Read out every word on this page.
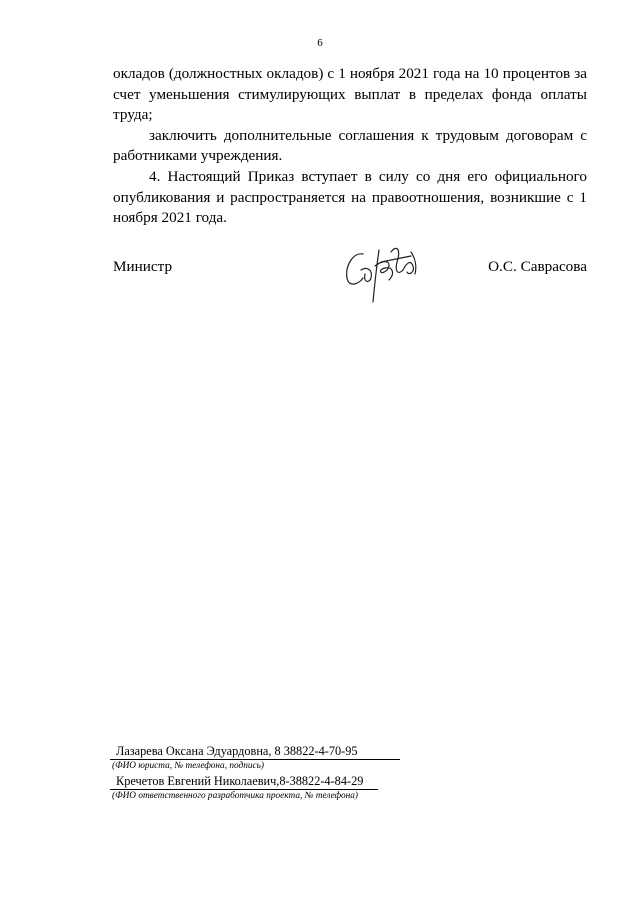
6

окладов (должностных окладов) с 1 ноября 2021 года на 10 процентов за счет уменьшения стимулирующих выплат в пределах фонда оплаты труда;

заключить дополнительные соглашения к трудовым договорам с работниками учреждения.

4. Настоящий Приказ вступает в силу со дня его официального опубликования и распространяется на правоотношения, возникшие с 1 ноября 2021 года.

Министр	О.С. Саврасова
Лазарева Оксана Эдуардовна, 8 38822-4-70-95
(ФИО юриста, № телефона, подпись)
Кречетов Евгений Николаевич,8-38822-4-84-29
(ФИО ответственного разработчика проекта, № телефона)
